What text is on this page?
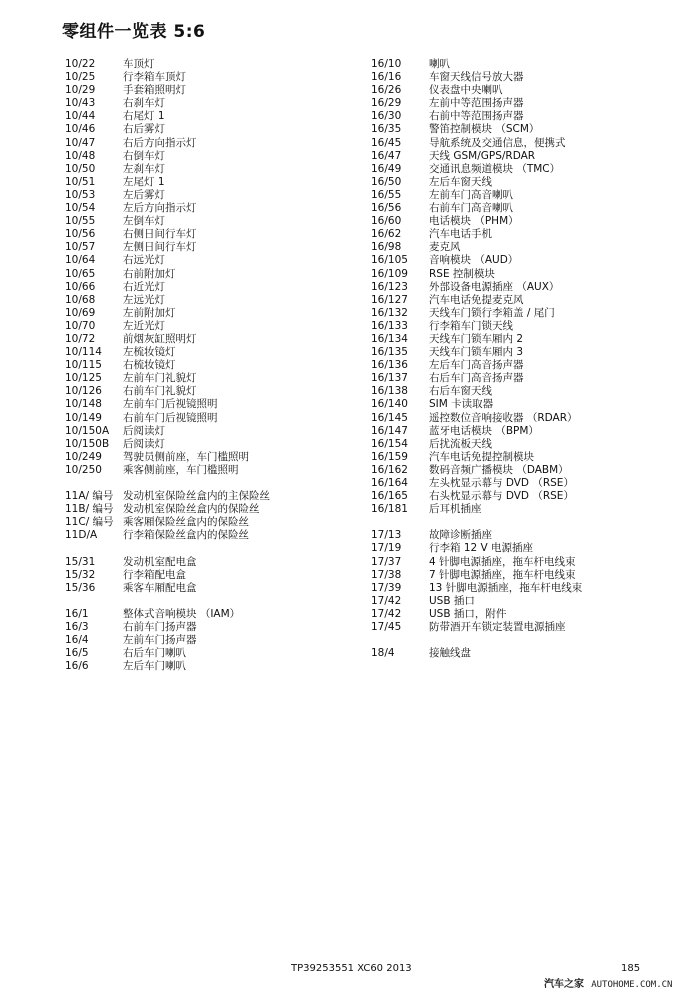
零组件一览表 5:6
10/22	车顶灯
10/25	行李箱车顶灯
10/29	手套箱照明灯
10/43	右刹车灯
10/44	右尾灯 1
10/46	右后雾灯
10/47	右后方向指示灯
10/48	右倒车灯
10/50	左刹车灯
10/51	左尾灯 1
10/53	左后雾灯
10/54	左后方向指示灯
10/55	左倒车灯
10/56	右侧日间行车灯
10/57	左侧日间行车灯
10/64	右远光灯
10/65	右前附加灯
10/66	右近光灯
10/68	左远光灯
10/69	左前附加灯
10/70	左近光灯
10/72	前烟灰缸照明灯
10/114 左梳妆镜灯
10/115 右梳妆镜灯
10/125 左前车门礼貌灯
10/126 右前车门礼貌灯
10/148 左前车门后视镜照明
10/149 右前车门后视镜照明
10/150A 后阅读灯
10/150B 后阅读灯
10/249 驾驶员侧前座，车门槛照明
10/250 乘客侧前座，车门槛照明
11A/ 编号 发动机室保险丝盒内的主保险丝
11B/ 编号 发动机室保险丝盒内的保险丝
11C/ 编号 乘客厢保险丝盒内的保险丝
11D/A 行李箱保险丝盒内的保险丝
15/31	发动机室配电盒
15/32	行李箱配电盒
15/36	乘客车厢配电盒
16/1	整体式音响模块 （IAM）
16/3	右前车门扬声器
16/4	左前车门扬声器
16/5	右后车门喇叭
16/6	左后车门喇叭
16/10	喇叭
16/16	车窗天线信号放大器
16/26	仪表盘中央喇叭
16/29	左前中等范围扬声器
16/30	右前中等范围扬声器
16/35	警笛控制模块 （SCM）
16/45	导航系统及交通信息，便携式
16/47	天线 GSM/GPS/RDAR
16/49	交通讯息频道模块 （TMC）
16/50	左后车窗天线
16/55	左前车门高音喇叭
16/56	右前车门高音喇叭
16/60	电话模块 （PHM）
16/62	汽车电话手机
16/98	麦克风
16/105 音响模块 （AUD）
16/109 RSE 控制模块
16/123 外部设备电源插座 （AUX）
16/127 汽车电话免提麦克风
16/132 天线车门锁行李箱盖 / 尾门
16/133 行李箱车门锁天线
16/134 天线车门锁车厢内 2
16/135 天线车门锁车厢内 3
16/136 左后车门高音扬声器
16/137 右后车门高音扬声器
16/138 右后车窗天线
16/140 SIM 卡读取器
16/145 遥控数位音响接收器 （RDAR）
16/147 蓝牙电话模块 （BPM）
16/154 后扰流板天线
16/159 汽车电话免提控制模块
16/162 数码音频广播模块 （DABM）
16/164 左头枕显示幕与 DVD （RSE）
16/165 右头枕显示幕与 DVD （RSE）
16/181 后耳机插座
17/13	故障诊断插座
17/19	行李箱 12 V 电源插座
17/37	4 针脚电源插座，拖车杆电线束
17/38	7 针脚电源插座，拖车杆电线束
17/39	13 针脚电源插座，拖车杆电线束
17/42	USB 插口
17/42	USB 插口，附件
17/45	防带酒开车锁定装置电源插座
18/4	接触线盘
TP39253551 XC60 2013	185
汽车之家 AUTOHOME.COM.CN
